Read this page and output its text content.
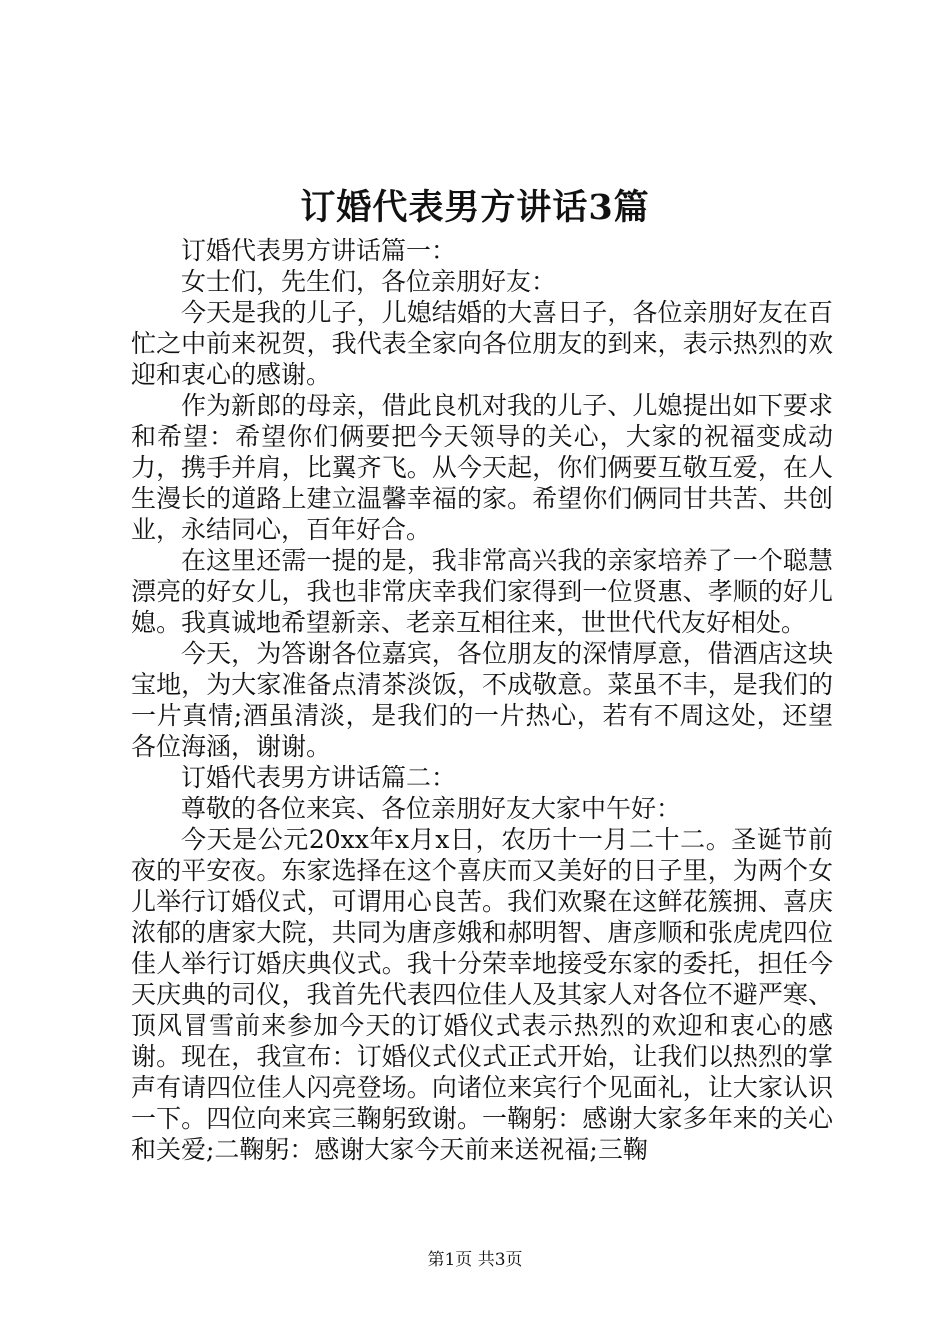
订婚代表男方讲话3篇

订婚代表男方讲话篇一：

女士们，先生们，各位亲朋好友：

今天是我的儿子，儿媳结婚的大喜日子，各位亲朋好友在百忙之中前来祝贺，我代表全家向各位朋友的到来，表示热烈的欢迎和衷心的感谢。

作为新郎的母亲，借此良机对我的儿子、儿媳提出如下要求和希望：希望你们俩要把今天领导的关心，大家的祝福变成动力，携手并肩，比翼齐飞。从今天起，你们俩要互敬互爱，在人生漫长的道路上建立温馨幸福的家。希望你们俩同甘共苦、共创业，永结同心，百年好合。

在这里还需一提的是，我非常高兴我的亲家培养了一个聪慧漂亮的好女儿，我也非常庆幸我们家得到一位贤惠、孝顺的好儿媳。我真诚地希望新亲、老亲互相往来，世世代代友好相处。

今天，为答谢各位嘉宾，各位朋友的深情厚意，借酒店这块宝地，为大家准备点清茶淡饭，不成敬意。菜虽不丰，是我们的一片真情;酒虽清淡，是我们的一片热心，若有不周这处，还望各位海涵，谢谢。

订婚代表男方讲话篇二：

尊敬的各位来宾、各位亲朋好友大家中午好：

今天是公元20xx年x月x日，农历十一月二十二。圣诞节前夜的平安夜。东家选择在这个喜庆而又美好的日子里，为两个女儿举行订婚仪式，可谓用心良苦。我们欢聚在这鲜花簇拥、喜庆浓郁的唐家大院，共同为唐彦娥和郝明智、唐彦顺和张虎虎四位佳人举行订婚庆典仪式。我十分荣幸地接受东家的委托，担任今天庆典的司仪，我首先代表四位佳人及其家人对各位不避严寒、顶风冒雪前来参加今天的订婚仪式表示热烈的欢迎和衷心的感谢。现在，我宣布：订婚仪式仪式正式开始，让我们以热烈的掌声有请四位佳人闪亮登场。向诸位来宾行个见面礼，让大家认识一下。四位向来宾三鞠躬致谢。一鞠躬：感谢大家多年来的关心和关爱;二鞠躬：感谢大家今天前来送祝福;三鞠

第1页 共3页
